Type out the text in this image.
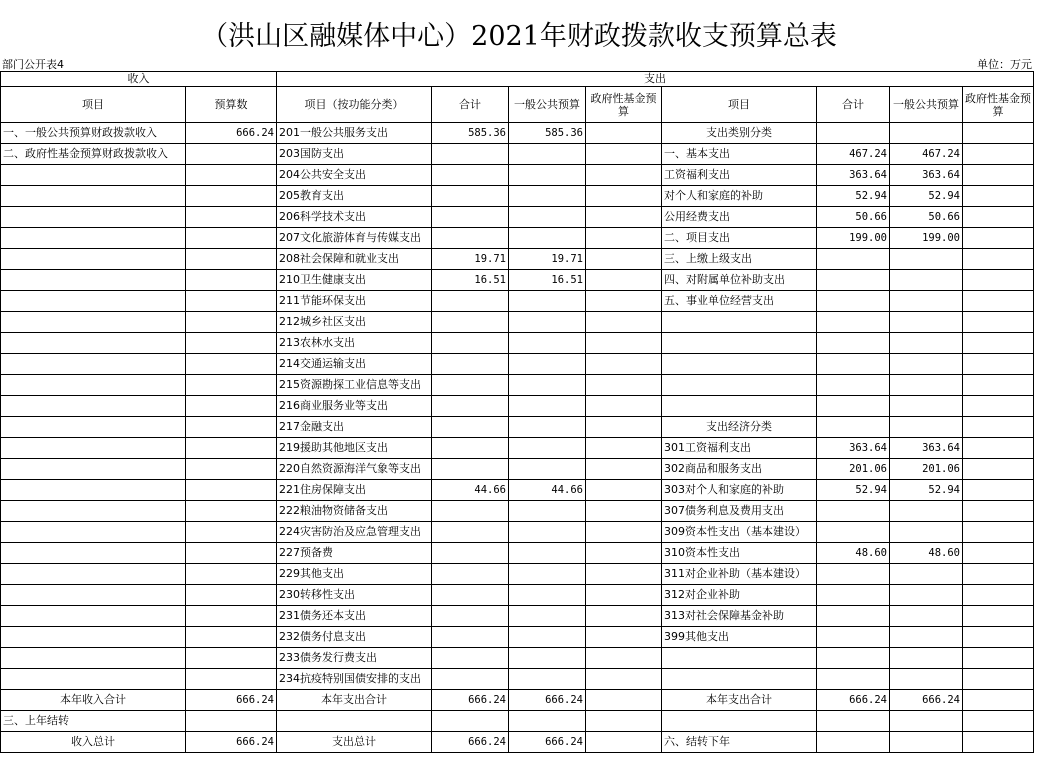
（洪山区融媒体中心）2021年财政拨款收支预算总表
部门公开表4	单位：万元
收入		支出							
项目	预算数	项目（按功能分类）	合计	一般公共预算	政府性基金预算	项目	合计	一般公共预算	政府性基金预算
一、一般公共预算财政拨款收入	666.24	201一般公共服务支出	585.36	585.36		支出类别分类			
二、政府性基金预算财政拨款收入		203国防支出				一、基本支出	467.24	467.24	
		204公共安全支出				工资福利支出	363.64	363.64	
		205教育支出				对个人和家庭的补助	52.94	52.94	
		206科学技术支出				公用经费支出	50.66	50.66	
		207文化旅游体育与传媒支出				二、项目支出	199.00	199.00	
		208社会保障和就业支出	19.71	19.71		三、上缴上级支出			
		210卫生健康支出	16.51	16.51		四、对附属单位补助支出			
		211节能环保支出				五、事业单位经营支出			
		212城乡社区支出							
		213农林水支出							
		214交通运输支出							
		215资源勘探工业信息等支出							
		216商业服务业等支出							
		217金融支出				支出经济分类			
		219援助其他地区支出				301工资福利支出	363.64	363.64	
		220自然资源海洋气象等支出				302商品和服务支出	201.06	201.06	
		221住房保障支出	44.66	44.66		303对个人和家庭的补助	52.94	52.94	
		222粮油物资储备支出				307债务利息及费用支出			
		224灾害防治及应急管理支出				309资本性支出（基本建设）			
		227预备费				310资本性支出	48.60	48.60	
		229其他支出				311对企业补助（基本建设）			
		230转移性支出				312对企业补助			
		231债务还本支出				313对社会保障基金补助			
		232债务付息支出				399其他支出			
		233债务发行费支出							
		234抗疫特别国债安排的支出							
本年收入合计	666.24	本年支出合计	666.24	666.24		本年支出合计	666.24	666.24	
三、上年结转									
收入总计	666.24	支出总计	666.24	666.24		六、结转下年			
